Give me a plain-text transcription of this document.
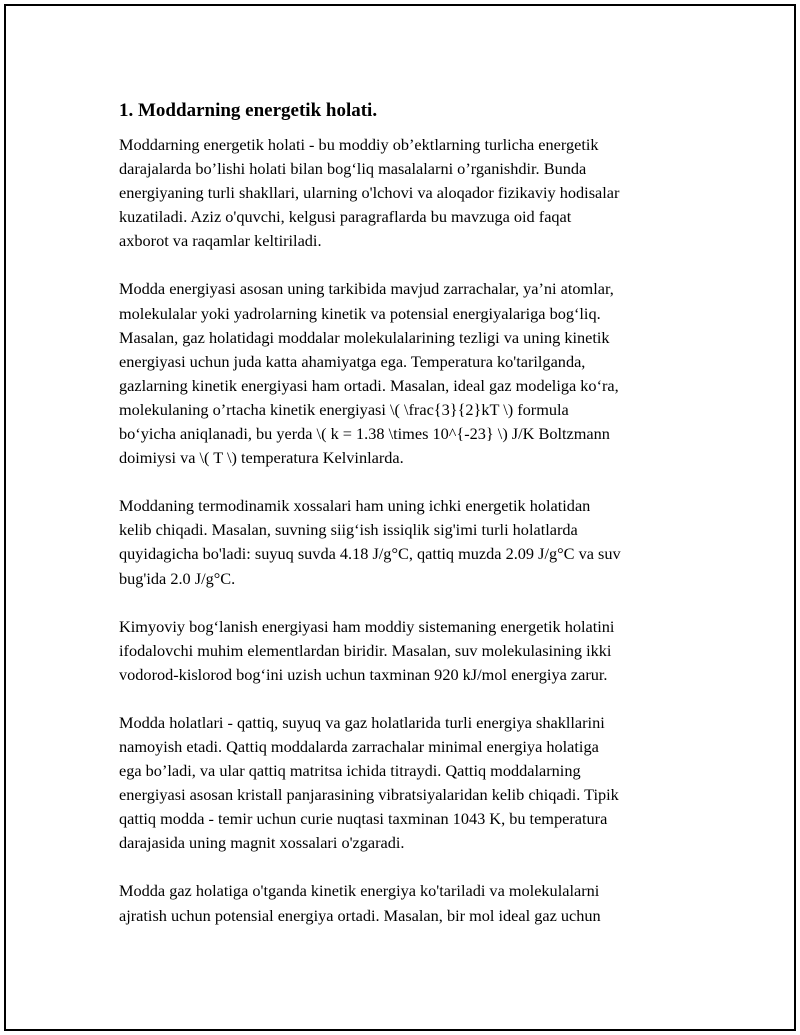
1. Moddarning energetik holati.
Moddarning energetik holati - bu moddiy ob’ektlarning turlicha energetik
darajalarda bo’lishi holati bilan bog‘liq masalalarni o’rganishdir. Bunda
energiyaning turli shakllari, ularning o'lchovi va aloqador fizikaviy hodisalar
kuzatiladi. Aziz o'quvchi, kelgusi paragraflarda bu mavzuga oid faqat
axborot va raqamlar keltiriladi.
Modda energiyasi asosan uning tarkibida mavjud zarrachalar, ya’ni atomlar,
molekulalar yoki yadrolarning kinetik va potensial energiyalariga bog‘liq.
Masalan, gaz holatidagi moddalar molekulalarining tezligi va uning kinetik
energiyasi uchun juda katta ahamiyatga ega. Temperatura ko'tarilganda,
gazlarning kinetik energiyasi ham ortadi. Masalan, ideal gaz modeliga ko‘ra,
molekulaning o’rtacha kinetik energiyasi \( \frac{3}{2}kT \) formula
bo‘yicha aniqlanadi, bu yerda \( k = 1.38 \times 10^{-23} \) J/K Boltzmann
doimiysi va \( T \) temperatura Kelvinlarda.
Moddaning termodinamik xossalari ham uning ichki energetik holatidan
kelib chiqadi. Masalan, suvning siig‘ish issiqlik sig'imi turli holatlarda
quyidagicha bo'ladi: suyuq suvda 4.18 J/g°C, qattiq muzda 2.09 J/g°C va suv
bug'ida 2.0 J/g°C.
Kimyoviy bog‘lanish energiyasi ham moddiy sistemaning energetik holatini
ifodalovchi muhim elementlardan biridir. Masalan, suv molekulasining ikki
vodorod-kislorod bog‘ini uzish uchun taxminan 920 kJ/mol energiya zarur.
Modda holatlari - qattiq, suyuq va gaz holatlarida turli energiya shakllarini
namoyish etadi. Qattiq moddalarda zarrachalar minimal energiya holatiga
ega bo’ladi, va ular qattiq matritsa ichida titraydi. Qattiq moddalarning
energiyasi asosan kristall panjarasining vibratsiyalaridan kelib chiqadi. Tipik
qattiq modda - temir uchun curie nuqtasi taxminan 1043 K, bu temperatura
darajasida uning magnit xossalari o'zgaradi.
Modda gaz holatiga o'tganda kinetik energiya ko'tariladi va molekulalarni
ajratish uchun potensial energiya ortadi. Masalan, bir mol ideal gaz uchun
